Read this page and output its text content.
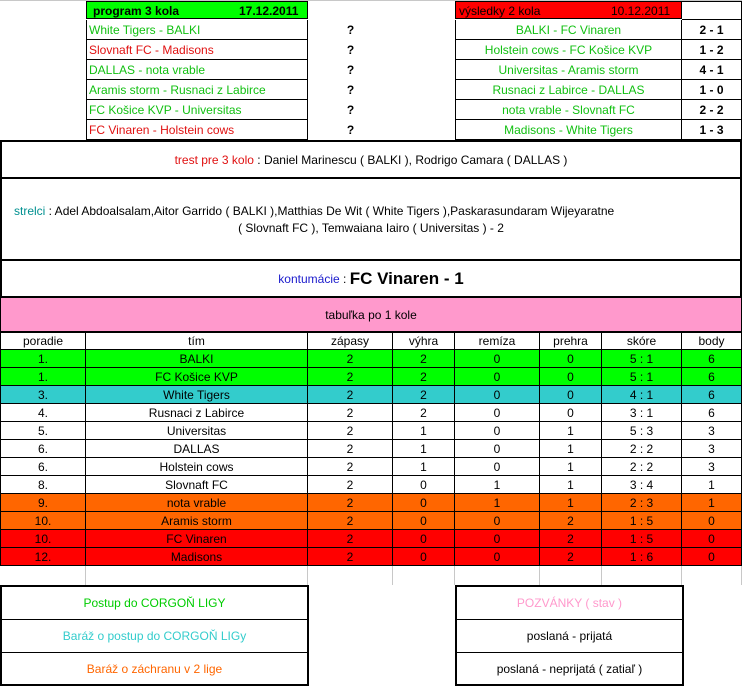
program 3 kola	17.12.2011
White Tigers - BALKI	?
Slovnaft FC - Madisons	?
DALLAS - nota vrable	?
Aramis storm - Rusnaci z Labirce	?
FC Košice KVP - Universitas	?
FC Vinaren - Holstein cows	?
výsledky 2 kola	10.12.2011
BALKI - FC Vinaren	2 - 1
Holstein cows - FC Košice KVP	1 - 2
Universitas - Aramis storm	4 - 1
Rusnaci z Labirce - DALLAS	1 - 0
nota vrable - Slovnaft FC	2 - 2
Madisons - White Tigers	1 - 3
trest pre 3 kolo : Daniel Marinescu ( BALKI ), Rodrigo Camara ( DALLAS )
strelci : Adel Abdoalsalam,Aitor Garrido ( BALKI ),Matthias De Wit ( White Tigers ),Paskarasundaram Wijeyaratne
( Slovnaft FC ), Temwaiana Iairo ( Universitas ) - 2
kontumácie : FC Vinaren - 1
tabuľka po 1 kole
poradie	tím	zápasy	výhra	remíza	prehra	skóre	body
1.	BALKI	2	2	0	0	5 : 1	6
1.	FC Košice KVP	2	2	0	0	5 : 1	6
3.	White Tigers	2	2	0	0	4 : 1	6
4.	Rusnaci z Labirce	2	2	0	0	3 : 1	6
5.	Universitas	2	1	0	1	5 : 3	3
6.	DALLAS	2	1	0	1	2 : 2	3
6.	Holstein cows	2	1	0	1	2 : 2	3
8.	Slovnaft FC	2	0	1	1	3 : 4	1
9.	nota vrable	2	0	1	1	2 : 3	1
10.	Aramis storm	2	0	0	2	1 : 5	0
10.	FC Vinaren	2	0	0	2	1 : 5	0
12.	Madisons	2	0	0	2	1 : 6	0
Postup do CORGOŇ LIGY
Baráž o postup do CORGOŇ LIGy
Baráž o záchranu v 2 lige
POZVÁNKY ( stav )
poslaná - prijatá
poslaná - neprijatá ( zatiaľ )
